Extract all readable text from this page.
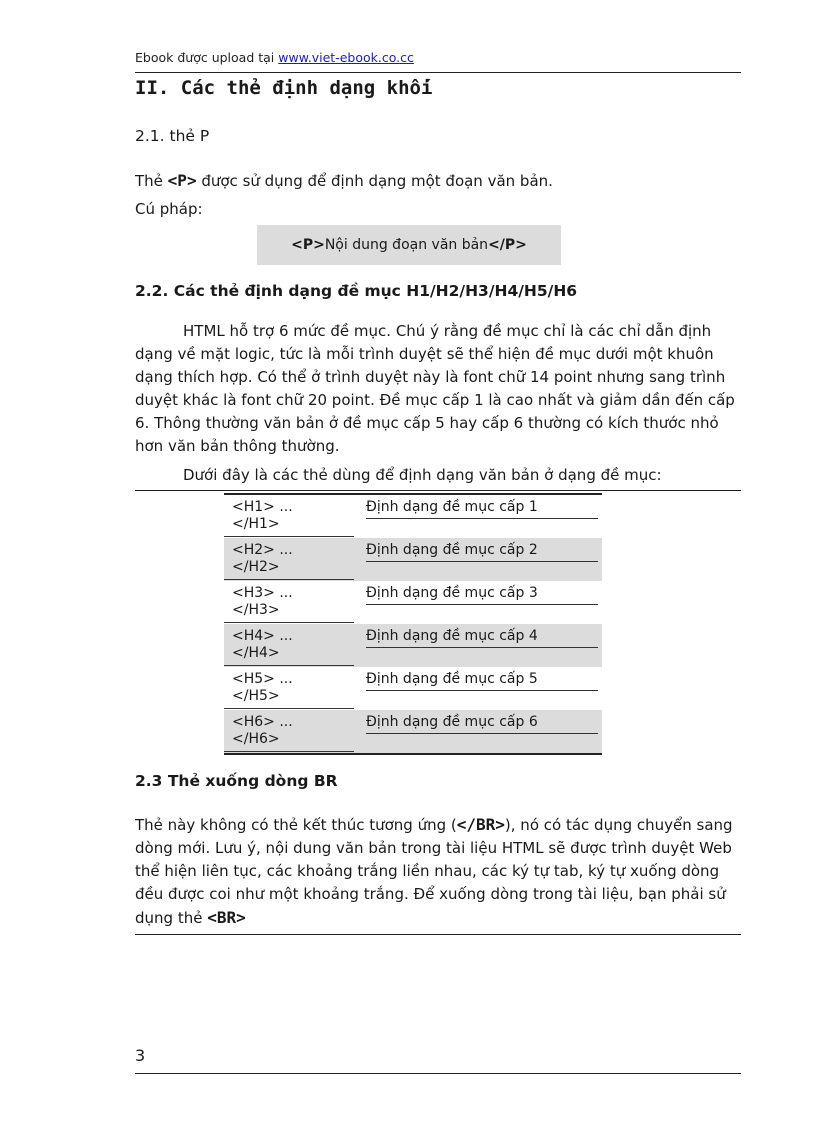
Ebook được upload tại www.viet-ebook.co.cc
II. Các thẻ định dạng khối
2.1. thẻ P
Thẻ <P> được sử dụng để định dạng một đoạn văn bản.
Cú pháp:
<P>Nội dung đoạn văn bản</P>
2.2. Các thẻ định dạng đề mục H1/H2/H3/H4/H5/H6
HTML hỗ trợ 6 mức đề mục. Chú ý rằng đề mục chỉ là các chỉ dẫn định dạng về mặt logic, tức là mỗi trình duyệt sẽ thể hiện đề mục dưới một khuôn dạng thích hợp. Có thể ở trình duyệt này là font chữ 14 point nhưng sang trình duyệt khác là font chữ 20 point. Đề mục cấp 1 là cao nhất và giảm dần đến cấp 6. Thông thường văn bản ở đề mục cấp 5 hay cấp 6 thường có kích thước nhỏ hơn văn bản thông thường.
Dưới đây là các thẻ dùng để định dạng văn bản ở dạng đề mục:
<H1> ...
</H1>
Định dạng đề mục cấp 1
<H2> ...
</H2>
Định dạng đề mục cấp 2
<H3> ...
</H3>
Định dạng đề mục cấp 3
<H4> ...
</H4>
Định dạng đề mục cấp 4
<H5> ...
</H5>
Định dạng đề mục cấp 5
<H6> ...
</H6>
Định dạng đề mục cấp 6
2.3 Thẻ xuống dòng BR
Thẻ này không có thẻ kết thúc tương ứng (</BR>), nó có tác dụng chuyển sang dòng mới. Lưu ý, nội dung văn bản trong tài liệu HTML sẽ được trình duyệt Web thể hiện liên tục, các khoảng trắng liền nhau, các ký tự tab, ký tự xuống dòng đều được coi như một khoảng trắng. Để xuống dòng trong tài liệu, bạn phải sử dụng thẻ <BR>
3
